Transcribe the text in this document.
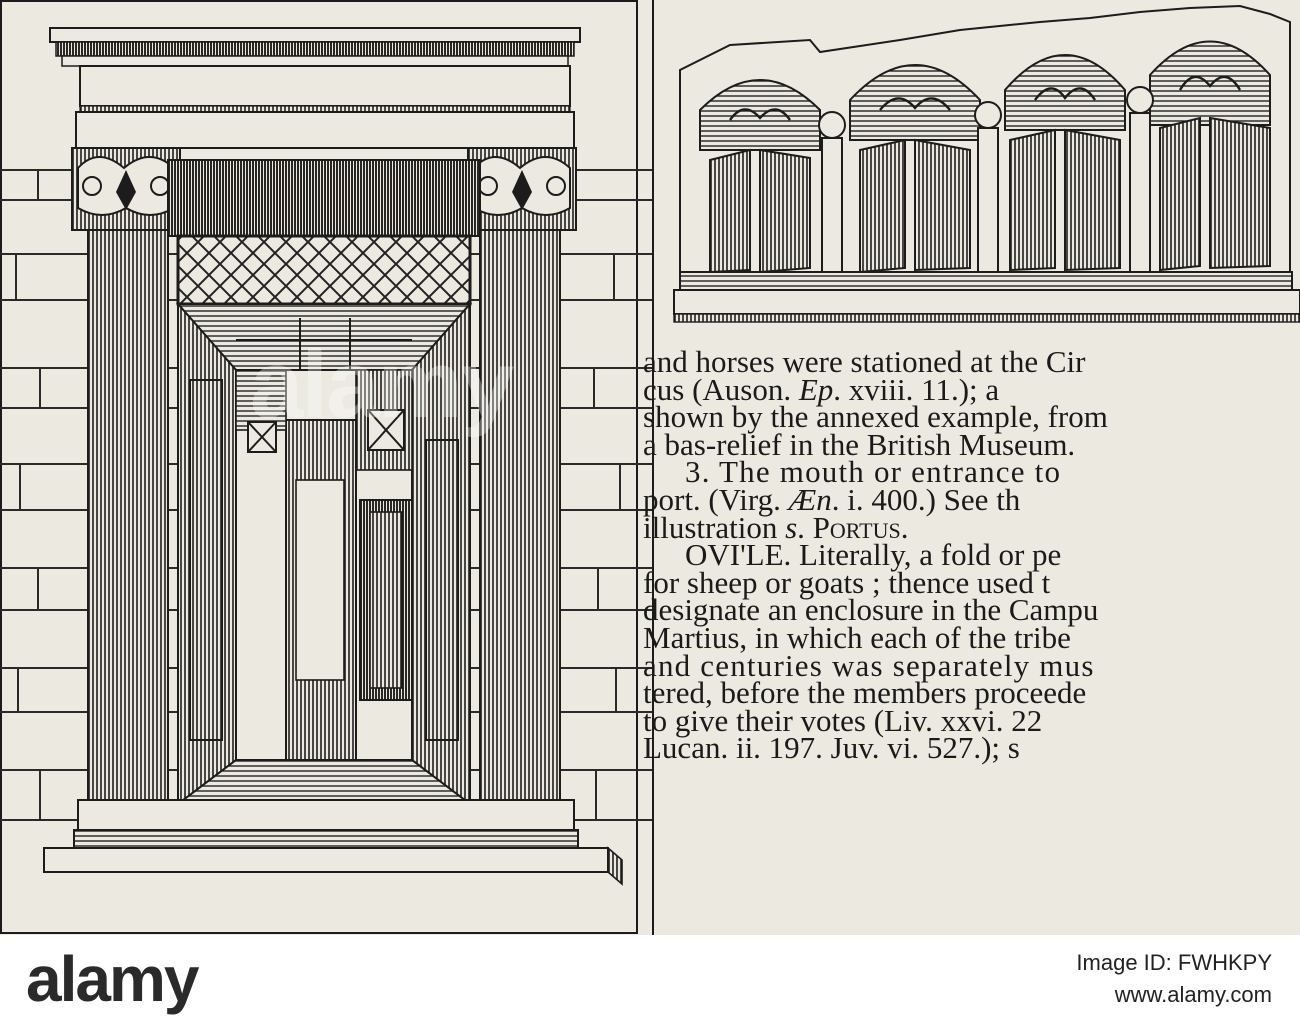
and horses were stationed at the Cir
cus (Auson. Ep. xviii. 11.); a
shown by the annexed example, from
a bas-relief in the British Museum.
3. The mouth or entrance to
port. (Virg. Æn. i. 400.) See th
illustration s. Portus.
OVI'LE. Literally, a fold or pe
for sheep or goats ; thence used t
designate an enclosure in the Campu
Martius, in which each of the tribe
and centuries was separately mus
tered, before the members proceede
to give their votes (Liv. xxvi. 22
Lucan. ii. 197. Juv. vi. 527.); s
alamy
alamy	Image ID: FWHKPY
www.alamy.com
